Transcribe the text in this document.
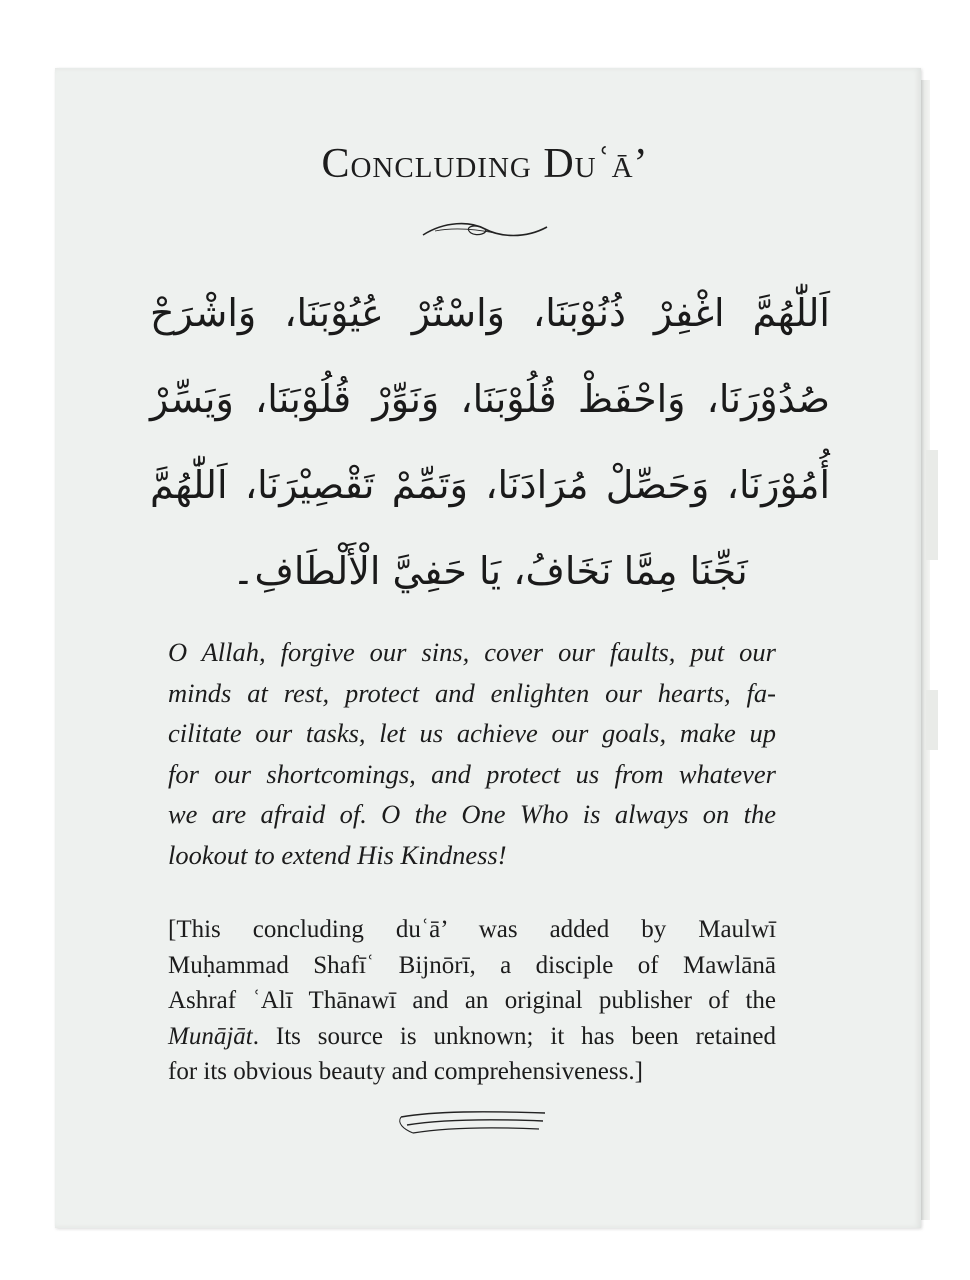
Concluding Duʿā’
اَللّٰهُمَّ اغْفِرْ ذُنُوْبَنَا، وَاسْتُرْ عُيُوْبَنَا، وَاشْرَحْ صُدُوْرَنَا، وَاحْفَظْ قُلُوْبَنَا، وَنَوِّرْ قُلُوْبَنَا، وَيَسِّرْ أُمُوْرَنَا، وَحَصِّلْ مُرَادَنَا، وَتَمِّمْ تَقْصِيْرَنَا، اَللّٰهُمَّ نَجِّنَا مِمَّا نَخَافُ، يَا حَفِيَّ الْأَلْطَافِ۔
O Allah, forgive our sins, cover our faults, put our
minds at rest, protect and enlighten our hearts, fa-
cilitate our tasks, let us achieve our goals, make up
for our shortcomings, and protect us from whatever
we are afraid of. O the One Who is always on the
lookout to extend His Kindness!
[This concluding duʿā’ was added by Maulwī
Muḥammad Shafīʿ Bijnōrī, a disciple of Mawlānā
Ashraf ʿAlī Thānawī and an original publisher of the
Munājāt. Its source is unknown; it has been retained
for its obvious beauty and comprehensiveness.]
